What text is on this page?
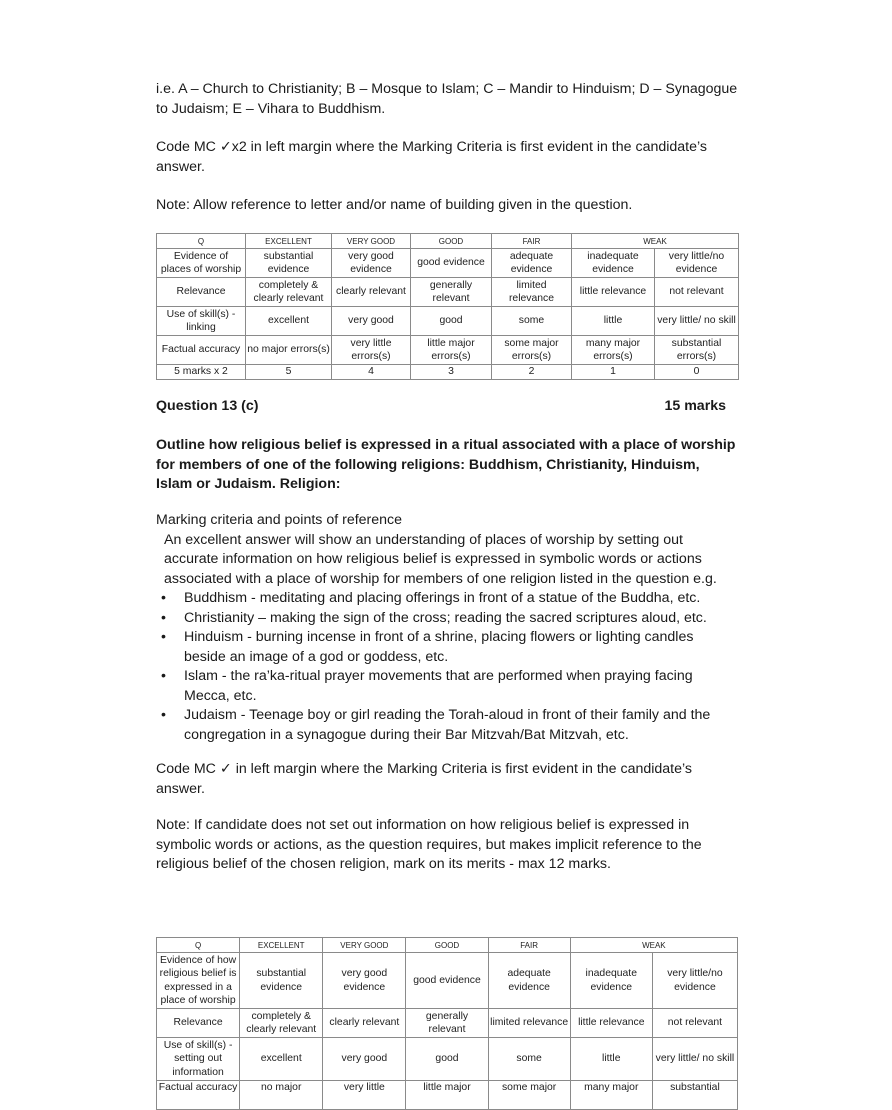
i.e. A – Church to Christianity; B – Mosque to Islam; C – Mandir to Hinduism; D – Synagogue to Judaism; E – Vihara to Buddhism.

Code MC ✓x2 in left margin where the Marking Criteria is first evident in the candidate’s answer.

Note: Allow reference to letter and/or name of building given in the question.

Q	EXCELLENT	VERY GOOD	GOOD	FAIR	WEAK	
Evidence of places of worship	substantial evidence	very good evidence	good evidence	adequate evidence	inadequate evidence	very little/no evidence
Relevance	completely & clearly relevant	clearly relevant	generally relevant	limited relevance	little relevance	not relevant
Use of skill(s) - linking	excellent	very good	good	some	little	very little/ no skill
Factual accuracy	no major errors(s)	very little errors(s)	little major errors(s)	some major errors(s)	many major errors(s)	substantial errors(s)
5 marks x 2	5	4	3	2	1	0
Question 13 (c)	15 marks
Outline how religious belief is expressed in a ritual associated with a place of worship for members of one of the following religions: Buddhism, Christianity, Hinduism, Islam or Judaism. Religion:

Marking criteria and points of reference

An excellent answer will show an understanding of places of worship by setting out accurate information on how religious belief is expressed in symbolic words or actions associated with a place of worship for members of one religion listed in the question e.g.

• Buddhism - meditating and placing offerings in front of a statue of the Buddha, etc.
• Christianity – making the sign of the cross; reading the sacred scriptures aloud, etc.
• Hinduism - burning incense in front of a shrine, placing flowers or lighting candles beside an image of a god or goddess, etc.
• Islam - the ra’ka-ritual prayer movements that are performed when praying facing Mecca, etc.
• Judaism - Teenage boy or girl reading the Torah-aloud in front of their family and the congregation in a synagogue during their Bar Mitzvah/Bat Mitzvah, etc.

Code MC ✓ in left margin where the Marking Criteria is first evident in the candidate’s answer.

Note: If candidate does not set out information on how religious belief is expressed in symbolic words or actions, as the question requires, but makes implicit reference to the religious belief of the chosen religion, mark on its merits - max 12 marks.

Q	EXCELLENT	VERY GOOD	GOOD	FAIR	WEAK	
Evidence of how religious belief is expressed in a place of worship	substantial evidence	very good evidence	good evidence	adequate evidence	inadequate evidence	very little/no evidence
Relevance	completely & clearly relevant	clearly relevant	generally relevant	limited relevance	little relevance	not relevant
Use of skill(s) - setting out information	excellent	very good	good	some	little	very little/ no skill
Factual accuracy	no major	very little	little major	some major	many major	substantial
